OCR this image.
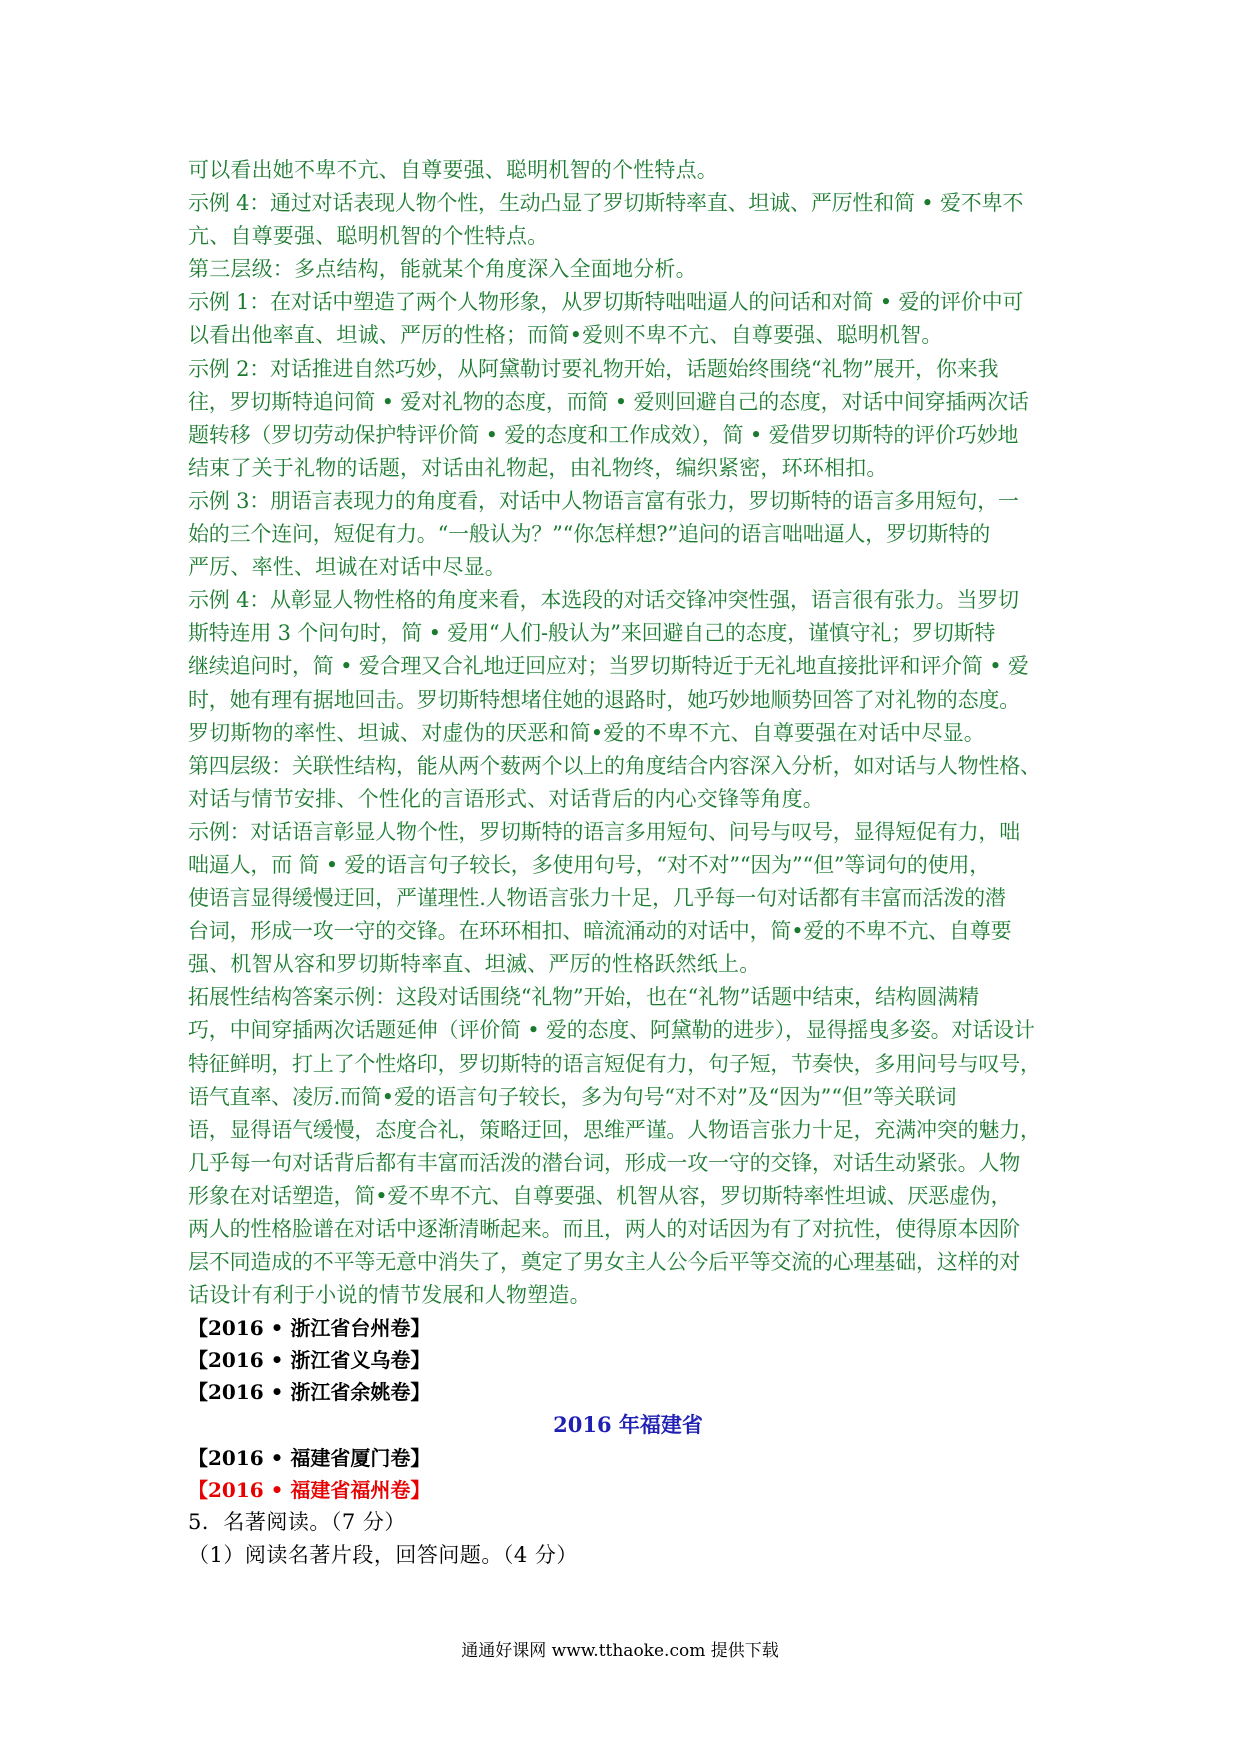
可以看出她不卑不亢、自尊要强、聪明机智的个性特点。
示例 4：通过对话表现人物个性，生动凸显了罗切斯特率直、坦诚、严厉性和简 • 爱不卑不
亢、自尊要强、聪明机智的个性特点。
第三层级：多点结构，能就某个角度深入全面地分析。
示例 1：在对话中塑造了两个人物形象，从罗切斯特咄咄逼人的问话和对简 • 爱的评价中可
以看出他率直、坦诚、严厉的性格；而简•爱则不卑不亢、自尊要强、聪明机智。
示例 2：对话推进自然巧妙，从阿黛勒讨要礼物开始，话题始终围绕“礼物”展开，你来我
往，罗切斯特追问简 • 爱对礼物的态度，而简 • 爱则回避自己的态度，对话中间穿插两次话
题转移（罗切劳动保护特评价简 • 爱的态度和工作成效），简 • 爱借罗切斯特的评价巧妙地
结束了关于礼物的话题，对话由礼物起，由礼物终，编织紧密，环环相扣。
示例 3：朋语言表现力的角度看，对话中人物语言富有张力，罗切斯特的语言多用短句，一
始的三个连问，短促有力。“一般认为？”“你怎样想?”追问的语言咄咄逼人，罗切斯特的
严厉、率性、坦诚在对话中尽显。
示例 4：从彰显人物性格的角度来看，本选段的对话交锋冲突性强，语言很有张力。当罗切
斯特连用 3 个问句时，简 • 爱用“人们-般认为”来回避自己的态度，谨慎守礼；罗切斯特
继续追问时，简 • 爱合理又合礼地迂回应对；当罗切斯特近于无礼地直接批评和评介简 • 爱
时，她有理有据地回击。罗切斯特想堵住她的退路时，她巧妙地顺势回答了对礼物的态度。
罗切斯物的率性、坦诚、对虚伪的厌恶和简•爱的不卑不亢、自尊要强在对话中尽显。
第四层级：关联性结构，能从两个薮两个以上的角度结合内容深入分析，如对话与人物性格、
对话与情节安排、个性化的言语形式、对话背后的内心交锋等角度。
示例：对话语言彰显人物个性，罗切斯特的语言多用短句、问号与叹号，显得短促有力，咄
咄逼人，而 简 • 爱的语言句子较长，多使用句号，“对不对”“因为”“但”等词句的使用，
使语言显得缓慢迂回，严谨理性.人物语言张力十足，几乎每一句对话都有丰富而活泼的潜
台词，形成一攻一守的交锋。在环环相扣、暗流涌动的对话中，简•爱的不卑不亢、自尊要
强、机智从容和罗切斯特率直、坦滅、严厉的性格跃然纸上。
拓展性结构答案示例：这段对话围绕“礼物”开始，也在“礼物”话题中结束，结构圆满精
巧，中间穿插两次话题延伸（评价简 • 爱的态度、阿黛勒的进步），显得摇曳多姿。对话设计
特征鲜明，打上了个性烙印，罗切斯特的语言短促有力，句子短，节奏快，多用问号与叹号，
语气直率、凌厉.而简•爱的语言句子较长，多为句号“对不对”及“因为”“但”等关联词
语，显得语气缓慢，态度合礼，策略迂回，思维严谨。人物语言张力十足，充满冲突的魅力，
几乎每一句对话背后都有丰富而活泼的潜台词，形成一攻一守的交锋，对话生动紧张。人物
形象在对话塑造，简•爱不卑不亢、自尊要强、机智从容，罗切斯特率性坦诚、厌恶虚伪，
两人的性格脸谱在对话中逐渐清晰起来。而且，两人的对话因为有了对抗性，使得原本因阶
层不同造成的不平等无意中消失了，奠定了男女主人公今后平等交流的心理基础，这样的对
话设计有利于小说的情节发展和人物塑造。
【2016 • 浙江省台州卷】
【2016 • 浙江省义乌卷】
【2016 • 浙江省余姚卷】
2016 年福建省
【2016 • 福建省厦门卷】
【2016 • 福建省福州卷】
5．名著阅读。（7 分）
（1）阅读名著片段，回答问题。（4 分）
通通好课网 www.tthaoke.com 提供下载
